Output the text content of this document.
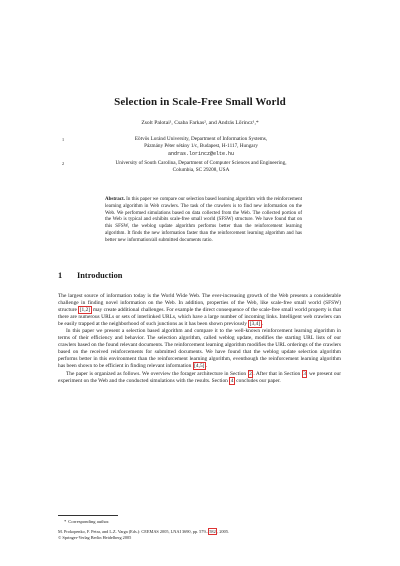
Selection in Scale-Free Small World
Zsolt Palotai¹, Csaba Farkas², and András Lőrincz¹,*
1	Eötvös Loránd University, Department of Information Systems,
Pázmány Péter sétány 1/c, Budapest, H-1117, Hungary
andras.lorincz@elte.hu
2	University of South Carolina, Department of Computer Sciences and Engineering,
Columbia, SC 29208, USA
Abstract. In this paper we compare our selection based learning algorithm with the reinforcement learning algorithm in Web crawlers. The task of the crawlers is to find new information on the Web. We performed simulations based on data collected from the Web. The collected portion of the Web is typical and exhibits scale-free small world (SFSW) structure. We have found that on this SFSW, the weblog update algorithm performs better than the reinforcement learning algorithm. It finds the new information faster than the reinforcement learning algorithm and has better new information/all submitted documents ratio.
1 Introduction

The largest source of information today is the World Wide Web. The ever-increasing growth of the Web presents a considerable challenge in finding novel information on the Web. In addition, properties of the Web, like scale-free small world (SFSW) structure [1,2] may create additional challenges. For example the direct consequence of the scale-free small world property is that there are numerous URLs or sets of interlinked URLs, which have a large number of incoming links. Intelligent web crawlers can be easily trapped at the neighborhood of such junctions as it has been shown previously [3,4] .

In this paper we present a selection based algorithm and compare it to the well-known reinforcement learning algorithm in terms of their efficiency and behavior. The selection algorithm, called weblog update, modifies the starting URL lists of our crawlers based on the found relevant documents. The reinforcement learning algorithm modifies the URL orderings of the crawlers based on the received reinforcements for submitted documents. We have found that the weblog update selection algorithm performs better in this environment than the reinforcement learning algorithm, eventhough the reinforcement learning algorithm has been shown to be efficient in finding relevant information [4,5] .

The paper is organized as follows. We overview the forager architecture in Section 2 . After that in Section 3 we present our experiment on the Web and the conducted simulations with the results. Section 4 concludes our paper.

* Corresponding author.
M. Prokopenko, F. Petra, and L.Z. Varga (Eds.): CEEMAS 2005, LNAI 3690, pp. 579– 582 , 2005.
© Springer-Verlag Berlin Heidelberg 2005
